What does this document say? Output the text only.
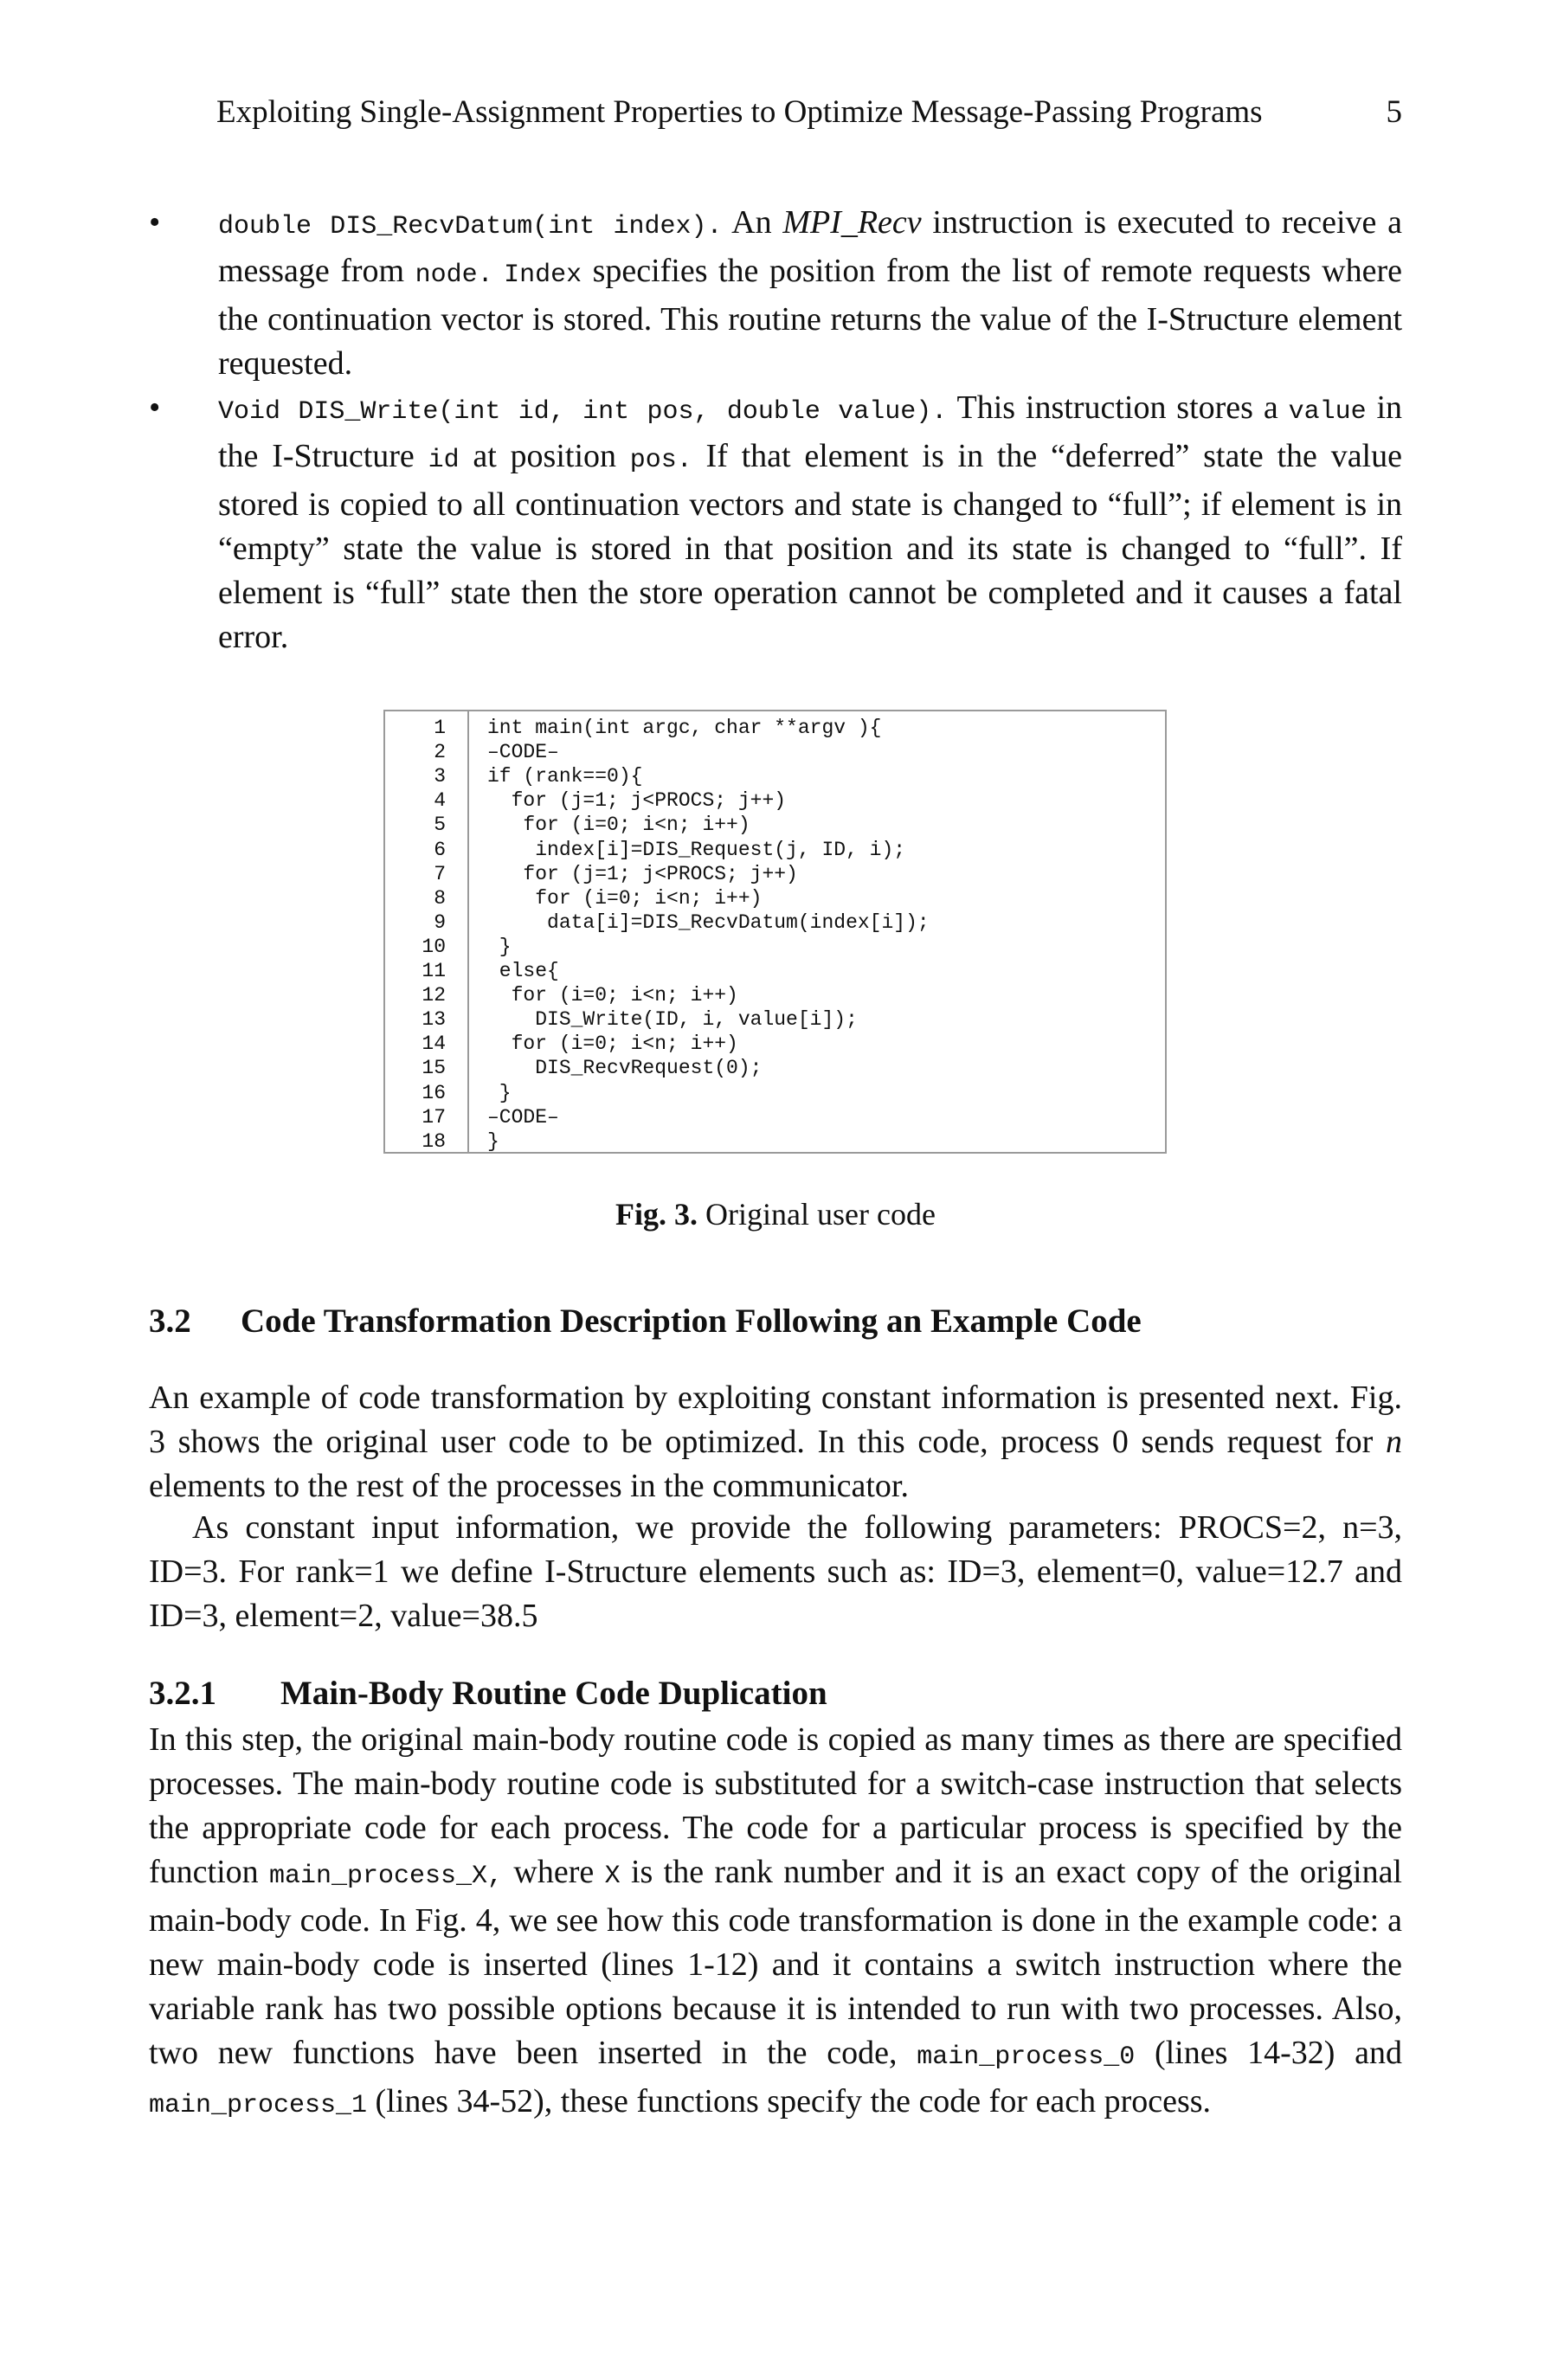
Exploiting Single-Assignment Properties to Optimize Message-Passing Programs	5
• double DIS_RecvDatum(int index). An MPI_Recv instruction is executed to receive a message from node. Index specifies the position from the list of remote requests where the continuation vector is stored. This routine returns the value of the I-Structure element requested.
• Void DIS_Write(int id, int pos, double value). This instruction stores a value in the I-Structure id at position pos. If that element is in the “deferred” state the value stored is copied to all continuation vectors and state is changed to “full”; if element is in “empty” state the value is stored in that position and its state is changed to “full”. If element is “full” state then the store operation cannot be completed and it causes a fatal error.
1 int main(int argc, char **argv ){
2 –CODE–
3 if (rank==0){
4 for (j=1; j<PROCS; j++)
5 for (i=0; i<n; i++)
6 index[i]=DIS_Request(j, ID, i);
7 for (j=1; j<PROCS; j++)
8 for (i=0; i<n; i++)
9 data[i]=DIS_RecvDatum(index[i]);
10 }
11 else{
12 for (i=0; i<n; i++)
13 DIS_Write(ID, i, value[i]);
14 for (i=0; i<n; i++)
15 DIS_RecvRequest(0);
16 }
17 –CODE–
18 }
Fig. 3. Original user code
3.2 Code Transformation Description Following an Example Code
An example of code transformation by exploiting constant information is presented next. Fig. 3 shows the original user code to be optimized. In this code, process 0 sends request for n elements to the rest of the processes in the communicator.
As constant input information, we provide the following parameters: PROCS=2, n=3, ID=3. For rank=1 we define I-Structure elements such as: ID=3, element=0, value=12.7 and ID=3, element=2, value=38.5
3.2.1 Main-Body Routine Code Duplication
In this step, the original main-body routine code is copied as many times as there are specified processes. The main-body routine code is substituted for a switch-case instruction that selects the appropriate code for each process. The code for a particular process is specified by the function main_process_X, where X is the rank number and it is an exact copy of the original main-body code. In Fig. 4, we see how this code transformation is done in the example code: a new main-body code is inserted (lines 1-12) and it contains a switch instruction where the variable rank has two possible options because it is intended to run with two processes. Also, two new functions have been inserted in the code, main_process_0 (lines 14-32) and main_process_1 (lines 34-52), these functions specify the code for each process.
